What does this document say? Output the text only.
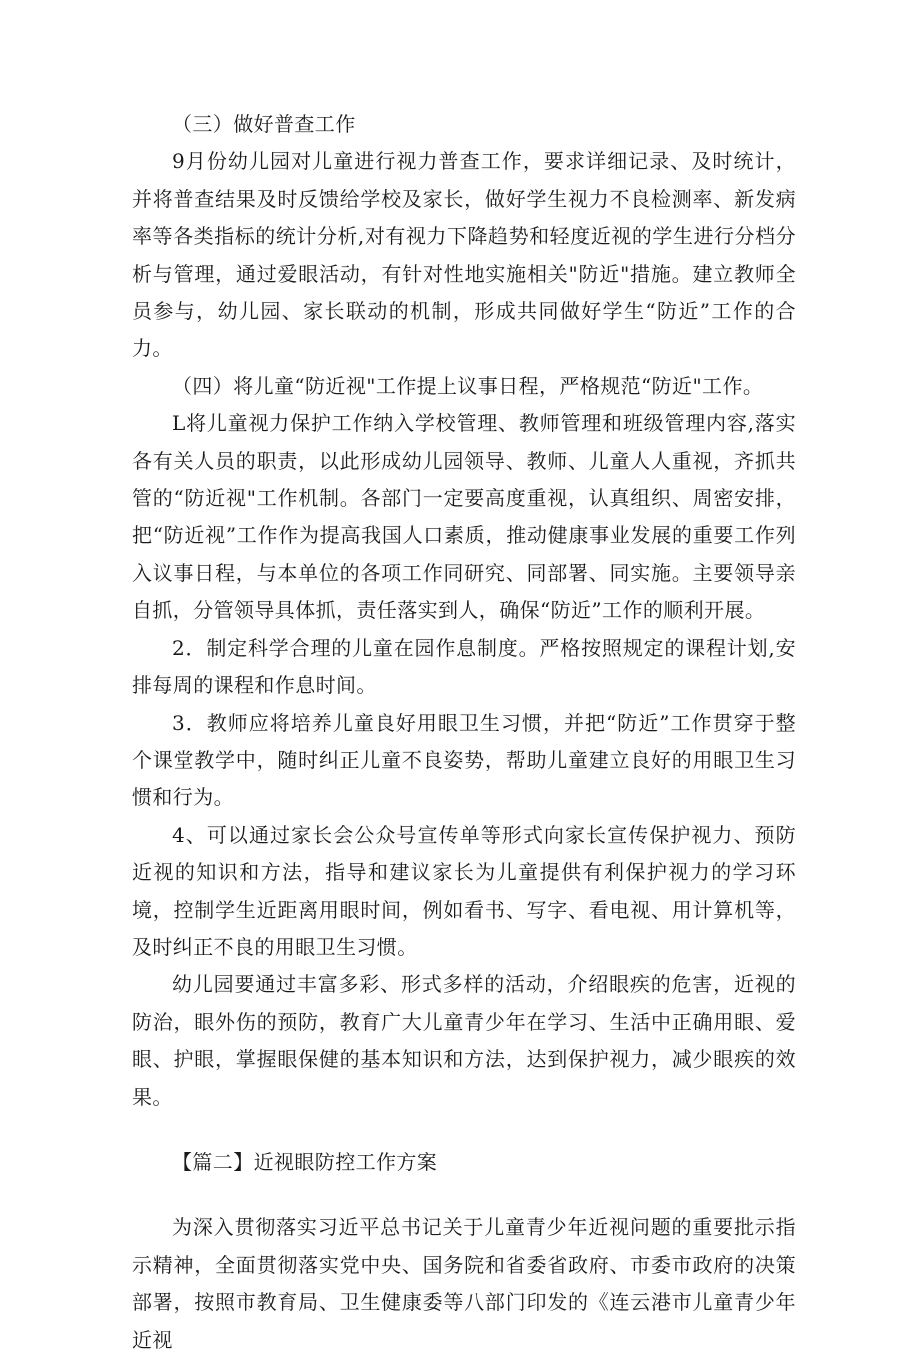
（三）做好普查工作

9月份幼儿园对儿童进行视力普查工作，要求详细记录、及时统计，并将普查结果及时反馈给学校及家长，做好学生视力不良检测率、新发病率等各类指标的统计分析,对有视力下降趋势和轻度近视的学生进行分档分析与管理，通过爱眼活动，有针对性地实施相关"防近"措施。建立教师全员参与，幼儿园、家长联动的机制，形成共同做好学生“防近”工作的合力。

（四）将儿童“防近视"工作提上议事日程，严格规范“防近"工作。

L将儿童视力保护工作纳入学校管理、教师管理和班级管理内容,落实各有关人员的职责，以此形成幼儿园领导、教师、儿童人人重视，齐抓共管的“防近视"工作机制。各部门一定要高度重视，认真组织、周密安排，把“防近视”工作作为提高我国人口素质，推动健康事业发展的重要工作列入议事日程，与本单位的各项工作同研究、同部署、同实施。主要领导亲自抓，分管领导具体抓，责任落实到人，确保“防近”工作的顺利开展。

2．制定科学合理的儿童在园作息制度。严格按照规定的课程计划,安排每周的课程和作息时间。

3．教师应将培养儿童良好用眼卫生习惯，并把“防近”工作贯穿于整个课堂教学中，随时纠正儿童不良姿势，帮助儿童建立良好的用眼卫生习惯和行为。

4、可以通过家长会公众号宣传单等形式向家长宣传保护视力、预防近视的知识和方法，指导和建议家长为儿童提供有利保护视力的学习环境，控制学生近距离用眼时间，例如看书、写字、看电视、用计算机等，及时纠正不良的用眼卫生习惯。

幼儿园要通过丰富多彩、形式多样的活动，介绍眼疾的危害，近视的防治，眼外伤的预防，教育广大儿童青少年在学习、生活中正确用眼、爱眼、护眼，掌握眼保健的基本知识和方法，达到保护视力，减少眼疾的效果。

【篇二】近视眼防控工作方案

为深入贯彻落实习近平总书记关于儿童青少年近视问题的重要批示指示精神，全面贯彻落实党中央、国务院和省委省政府、市委市政府的决策部署，按照市教育局、卫生健康委等八部门印发的《连云港市儿童青少年近视
